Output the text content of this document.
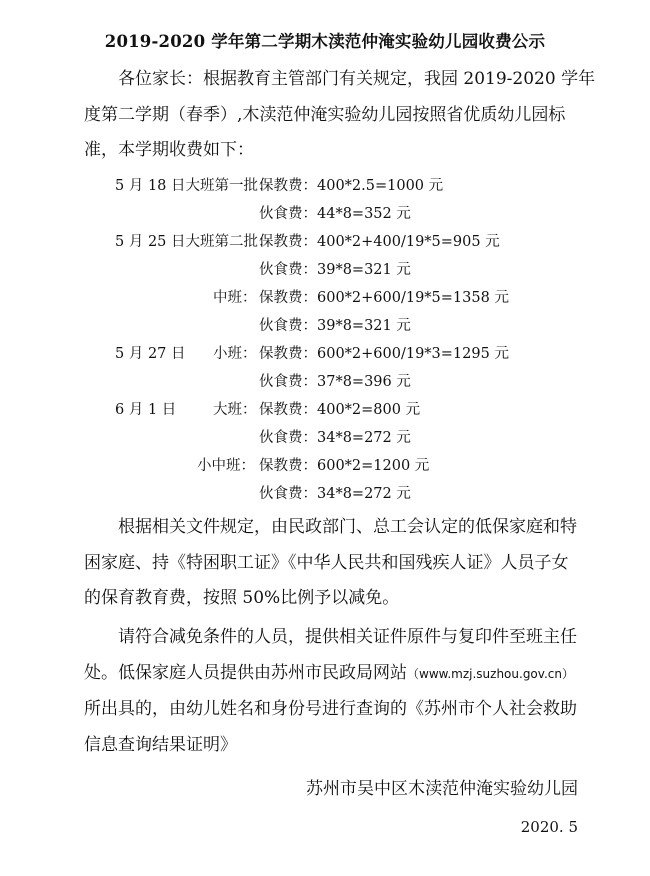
2019-2020 学年第二学期木渎范仲淹实验幼儿园收费公示
各位家长：根据教育主管部门有关规定，我园 2019-2020 学年
度第二学期（春季）,木渎范仲淹实验幼儿园按照省优质幼儿园标
准，本学期收费如下：
5 月 18 日大班第一批：
保教费：400*2.5=1000 元
伙食费：44*8=352 元
5 月 25 日大班第二批：
保教费：400*2+400/19*5=905 元
伙食费：39*8=321 元
中班： 保教费：600*2+600/19*5=1358 元
伙食费：39*8=321 元
5 月 27 日 小班： 保教费：600*2+600/19*3=1295 元
伙食费：37*8=396 元
6 月 1 日	大班： 保教费：400*2=800 元
伙食费：34*8=272 元
小中班： 保教费：600*2=1200 元
伙食费：34*8=272 元
根据相关文件规定，由民政部门、总工会认定的低保家庭和特
困家庭、持《特困职工证》《中华人民共和国残疾人证》人员子女
的保育教育费，按照 50%比例予以减免。
请符合减免条件的人员，提供相关证件原件与复印件至班主任
处。低保家庭人员提供由苏州市民政局网站（www.mzj.suzhou.gov.cn）
所出具的，由幼儿姓名和身份号进行查询的《苏州市个人社会救助
信息查询结果证明》
苏州市吴中区木渎范仲淹实验幼儿园
2020. 5
